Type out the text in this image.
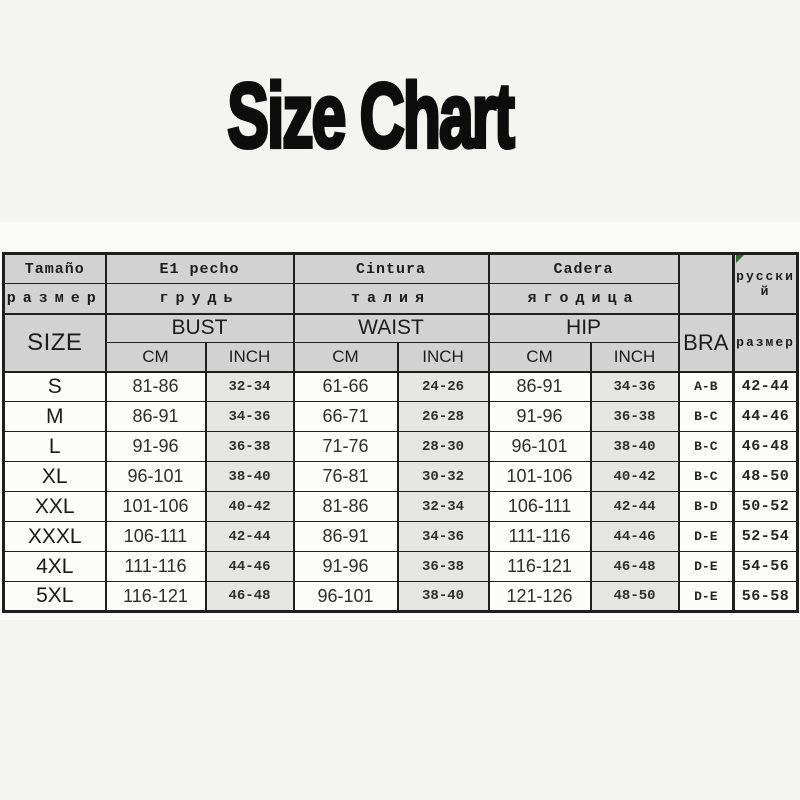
Size Chart
Tamaño	E1 pecho		Cintura		Cadera			русский
размер	грудь		талия		ягодица			
SIZE	BUST		WAIST		HIP		BRA	размер
	CM	INCH	CM	INCH	CM	INCH		
S	81-86	32-34	61-66	24-26	86-91	34-36	A-B	42-44
M	86-91	34-36	66-71	26-28	91-96	36-38	B-C	44-46
L	91-96	36-38	71-76	28-30	96-101	38-40	B-C	46-48
XL	96-101	38-40	76-81	30-32	101-106	40-42	B-C	48-50
XXL	101-106	40-42	81-86	32-34	106-111	42-44	B-D	50-52
XXXL	106-111	42-44	86-91	34-36	111-116	44-46	D-E	52-54
4XL	111-116	44-46	91-96	36-38	116-121	46-48	D-E	54-56
5XL	116-121	46-48	96-101	38-40	121-126	48-50	D-E	56-58
